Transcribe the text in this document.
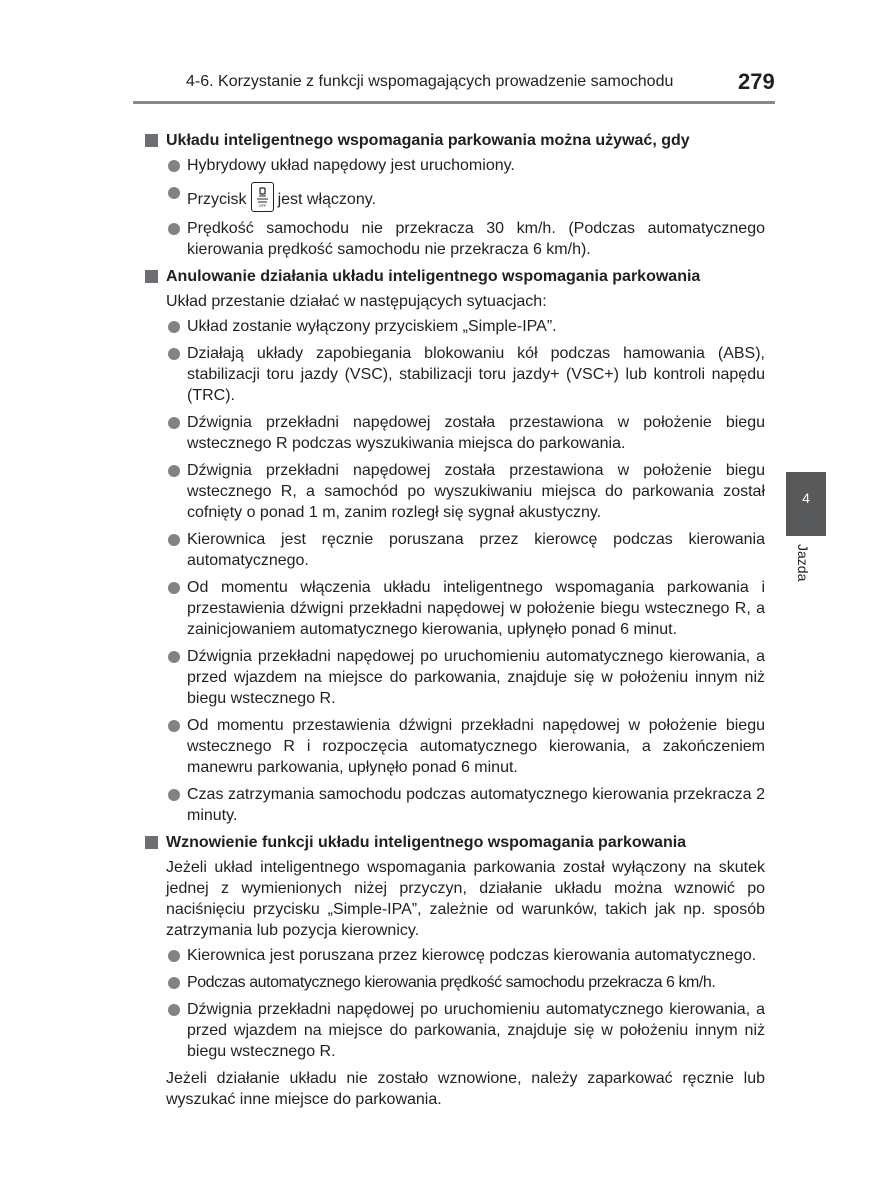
4-6. Korzystanie z funkcji wspomagających prowadzenie samochodu	279
Układu inteligentnego wspomagania parkowania można używać, gdy
Hybrydowy układ napędowy jest uruchomiony.
Przycisk	OFF jest włączony.
Prędkość samochodu nie przekracza 30 km/h. (Podczas automatycznego kierowania prędkość samochodu nie przekracza 6 km/h).
Anulowanie działania układu inteligentnego wspomagania parkowania
Układ przestanie działać w następujących sytuacjach:
Układ zostanie wyłączony przyciskiem „Simple-IPA”.
Działają układy zapobiegania blokowaniu kół podczas hamowania (ABS), stabilizacji toru jazdy (VSC), stabilizacji toru jazdy+ (VSC+) lub kontroli napędu (TRC).
Dźwignia przekładni napędowej została przestawiona w położenie biegu wstecznego R podczas wyszukiwania miejsca do parkowania.
Dźwignia przekładni napędowej została przestawiona w położenie biegu wstecznego R, a samochód po wyszukiwaniu miejsca do parkowania został cofnięty o ponad 1 m, zanim rozległ się sygnał akustyczny.
Kierownica jest ręcznie poruszana przez kierowcę podczas kierowania automatycznego.
Od momentu włączenia układu inteligentnego wspomagania parkowania i przestawienia dźwigni przekładni napędowej w położenie biegu wstecznego R, a zainicjowaniem automatycznego kierowania, upłynęło ponad 6 minut.
Dźwignia przekładni napędowej po uruchomieniu automatycznego kierowania, a przed wjazdem na miejsce do parkowania, znajduje się w położeniu innym niż biegu wstecznego R.
Od momentu przestawienia dźwigni przekładni napędowej w położenie biegu wstecznego R i rozpoczęcia automatycznego kierowania, a zakończeniem manewru parkowania, upłynęło ponad 6 minut.
Czas zatrzymania samochodu podczas automatycznego kierowania przekracza 2 minuty.
Wznowienie funkcji układu inteligentnego wspomagania parkowania
Jeżeli układ inteligentnego wspomagania parkowania został wyłączony na skutek jednej z wymienionych niżej przyczyn, działanie układu można wznowić po naciśnięciu przycisku „Simple-IPA”, zależnie od warunków, takich jak np. sposób zatrzymania lub pozycja kierownicy.
Kierownica jest poruszana przez kierowcę podczas kierowania automatycznego.
Podczas automatycznego kierowania prędkość samochodu przekracza 6 km/h.
Dźwignia przekładni napędowej po uruchomieniu automatycznego kierowania, a przed wjazdem na miejsce do parkowania, znajduje się w położeniu innym niż biegu wstecznego R.
Jeżeli działanie układu nie zostało wznowione, należy zaparkować ręcznie lub wyszukać inne miejsce do parkowania.
4
Jazda
